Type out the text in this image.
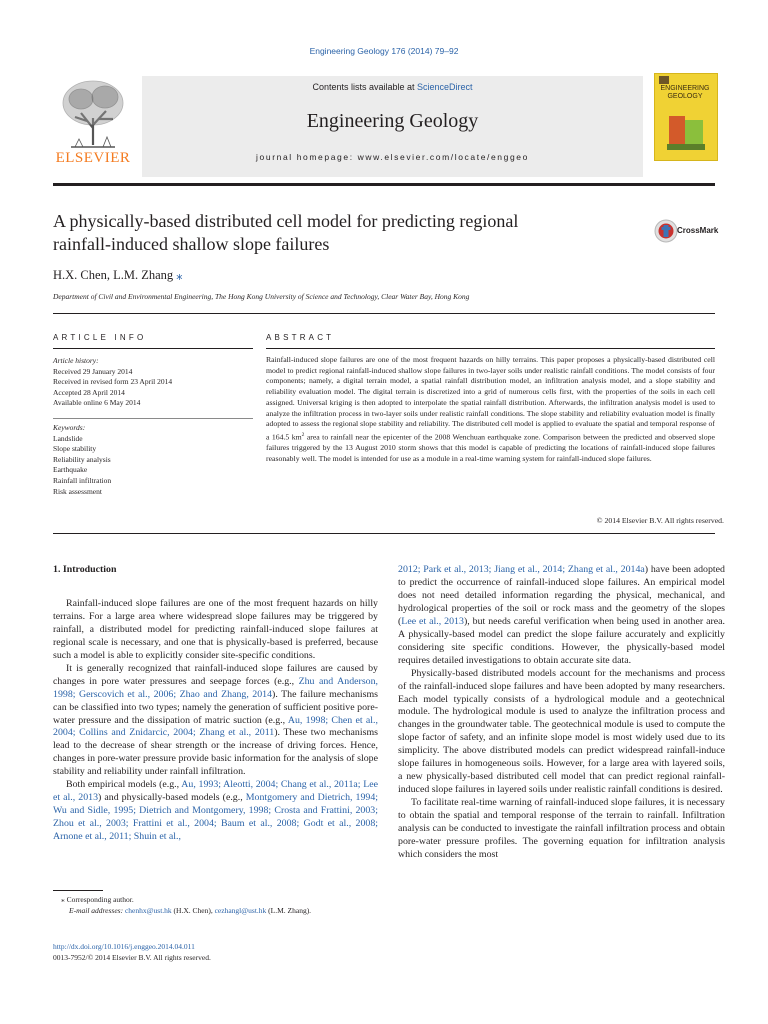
Engineering Geology 176 (2014) 79–92
ELSEVIER
Contents lists available at ScienceDirect
Engineering Geology
journal homepage: www.elsevier.com/locate/enggeo
ENGINEERING
GEOLOGY
A physically-based distributed cell model for predicting regional
rainfall-induced shallow slope failures
CrossMark
H.X. Chen, L.M. Zhang ⁎
Department of Civil and Environmental Engineering, The Hong Kong University of Science and Technology, Clear Water Bay, Hong Kong
ARTICLE INFO	ABSTRACT
Article history:
Received 29 January 2014
Received in revised form 23 April 2014
Accepted 28 April 2014
Available online 6 May 2014
Keywords:
Landslide
Slope stability
Reliability analysis
Earthquake
Rainfall infiltration
Risk assessment
Rainfall-induced slope failures are one of the most frequent hazards on hilly terrains. This paper proposes a physically-based distributed cell model to predict regional rainfall-induced shallow slope failures in two-layer soils under realistic rainfall conditions. The model consists of four components; namely, a digital terrain model, a spatial rainfall distribution model, an infiltration analysis model, and a slope stability and reliability evaluation model. The digital terrain is discretized into a grid of numerous cells first, with the properties of the soils in each cell assigned. Universal kriging is then adopted to interpolate the spatial rainfall distribution. Afterwards, the infiltration analysis model is used to analyze the infiltration process in two-layer soils under realistic rainfall conditions. The slope stability and reliability evaluation model is finally adopted to assess the regional slope stability and reliability. The distributed cell model is applied to evaluate the spatial and temporal response of a 164.5 $km^2$ area to rainfall near the epicenter of the 2008 Wenchuan earthquake zone. Comparison between the predicted and observed slope failures triggered by the 13 August 2010 storm shows that this model is capable of predicting the locations of rainfall-induced slope failures reasonably well. The model is intended for use as a module in a real-time warning system for rainfall-induced slope failures.
© 2014 Elsevier B.V. All rights reserved.
1. Introduction

Rainfall-induced slope failures are one of the most frequent hazards on hilly terrains. For a large area where widespread slope failures may be triggered by rainfall, a distributed model for predicting rainfall-induced slope failures at regional scale is necessary, and one that is physically-based is preferred, because such a model is able to explicitly consider site-specific conditions.

It is generally recognized that rainfall-induced slope failures are caused by changes in pore water pressures and seepage forces (e.g., Zhu and Anderson, 1998; Gerscovich et al., 2006; Zhao and Zhang, 2014). The failure mechanisms can be classified into two types; namely the generation of sufficient positive pore-water pressure and the dissipation of matric suction (e.g., Au, 1998; Chen et al., 2004; Collins and Znidarcic, 2004; Zhang et al., 2011). These two mechanisms lead to the decrease of shear strength or the increase of driving forces. Hence, changes in pore-water pressure provide basic information for the analysis of slope stability and reliability under rainfall infiltration.

Both empirical models (e.g., Au, 1993; Aleotti, 2004; Chang et al., 2011a; Lee et al., 2013) and physically-based models (e.g., Montgomery and Dietrich, 1994; Wu and Sidle, 1995; Dietrich and Montgomery, 1998; Crosta and Frattini, 2003; Zhou et al., 2003; Frattini et al., 2004; Baum et al., 2008; Godt et al., 2008; Arnone et al., 2011; Shuin et al.,

2012; Park et al., 2013; Jiang et al., 2014; Zhang et al., 2014a) have been adopted to predict the occurrence of rainfall-induced slope failures. An empirical model does not need detailed information regarding the physical, mechanical, and hydrological properties of the soil or rock mass and the geometry of the slopes (Lee et al., 2013), but needs careful verification when being used in another area. A physically-based model can predict the slope failure accurately and explicitly considering site specific conditions. However, the physically-based model requires detailed investigations to obtain accurate site data.

Physically-based distributed models account for the mechanisms and process of the rainfall-induced slope failures and have been adopted by many researchers. Each model typically consists of a hydrological module and a geotechnical module. The hydrological module is used to analyze the infiltration process and changes in the groundwater table. The geotechnical module is used to compute the slope factor of safety, and an infinite slope model is most widely used due to its simplicity. The above distributed models can predict widespread rainfall-induce slope failures in homogeneous soils. However, for a large area with layered soils, a new physically-based distributed cell model that can predict regional rainfall-induced slope failures in layered soils under realistic rainfall conditions is desired.

To facilitate real-time warning of rainfall-induced slope failures, it is necessary to obtain the spatial and temporal response of the terrain to rainfall. Infiltration analysis can be conducted to investigate the rainfall infiltration process and obtain pore-water pressure profiles. The governing equation for infiltration analysis which considers the most

⁎ Corresponding author.
E-mail addresses: chenhx@ust.hk (H.X. Chen), cezhangl@ust.hk (L.M. Zhang).
http://dx.doi.org/10.1016/j.enggeo.2014.04.011
0013-7952/© 2014 Elsevier B.V. All rights reserved.
